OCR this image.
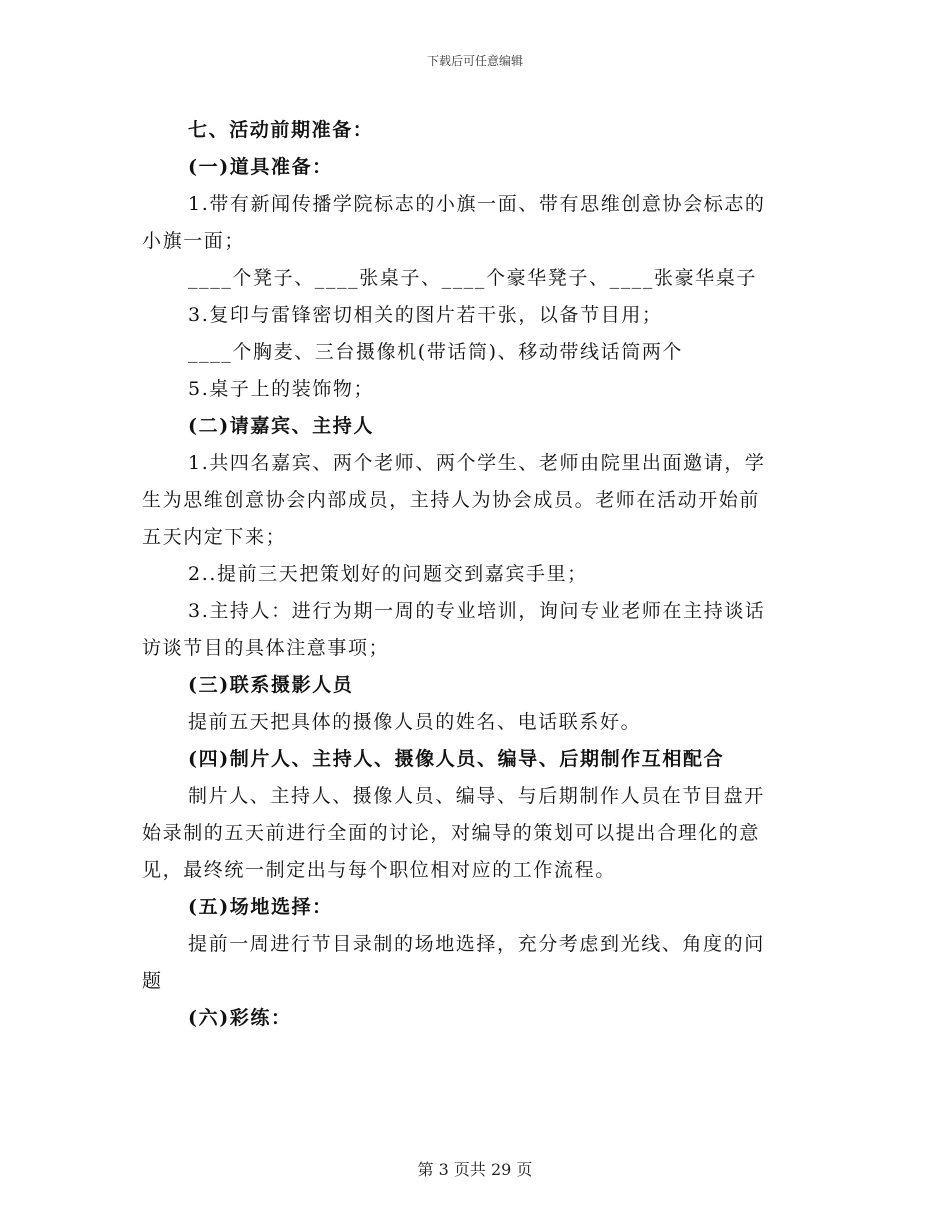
下载后可任意编辑
七、活动前期准备：
(一)道具准备：
1.带有新闻传播学院标志的小旗一面、带有思维创意协会标志的
小旗一面；
____个凳子、____张桌子、____个豪华凳子、____张豪华桌子
3.复印与雷锋密切相关的图片若干张，以备节目用；
____个胸麦、三台摄像机(带话筒)、移动带线话筒两个
5.桌子上的装饰物；
(二)请嘉宾、主持人
1.共四名嘉宾、两个老师、两个学生、老师由院里出面邀请，学
生为思维创意协会内部成员，主持人为协会成员。老师在活动开始前
五天内定下来；
2..提前三天把策划好的问题交到嘉宾手里；
3.主持人：进行为期一周的专业培训，询问专业老师在主持谈话
访谈节目的具体注意事项；
(三)联系摄影人员
提前五天把具体的摄像人员的姓名、电话联系好。
(四)制片人、主持人、摄像人员、编导、后期制作互相配合
制片人、主持人、摄像人员、编导、与后期制作人员在节目盘开
始录制的五天前进行全面的讨论，对编导的策划可以提出合理化的意
见，最终统一制定出与每个职位相对应的工作流程。
(五)场地选择：
提前一周进行节目录制的场地选择，充分考虑到光线、角度的问
题
(六)彩练：
第 3 页共 29 页
